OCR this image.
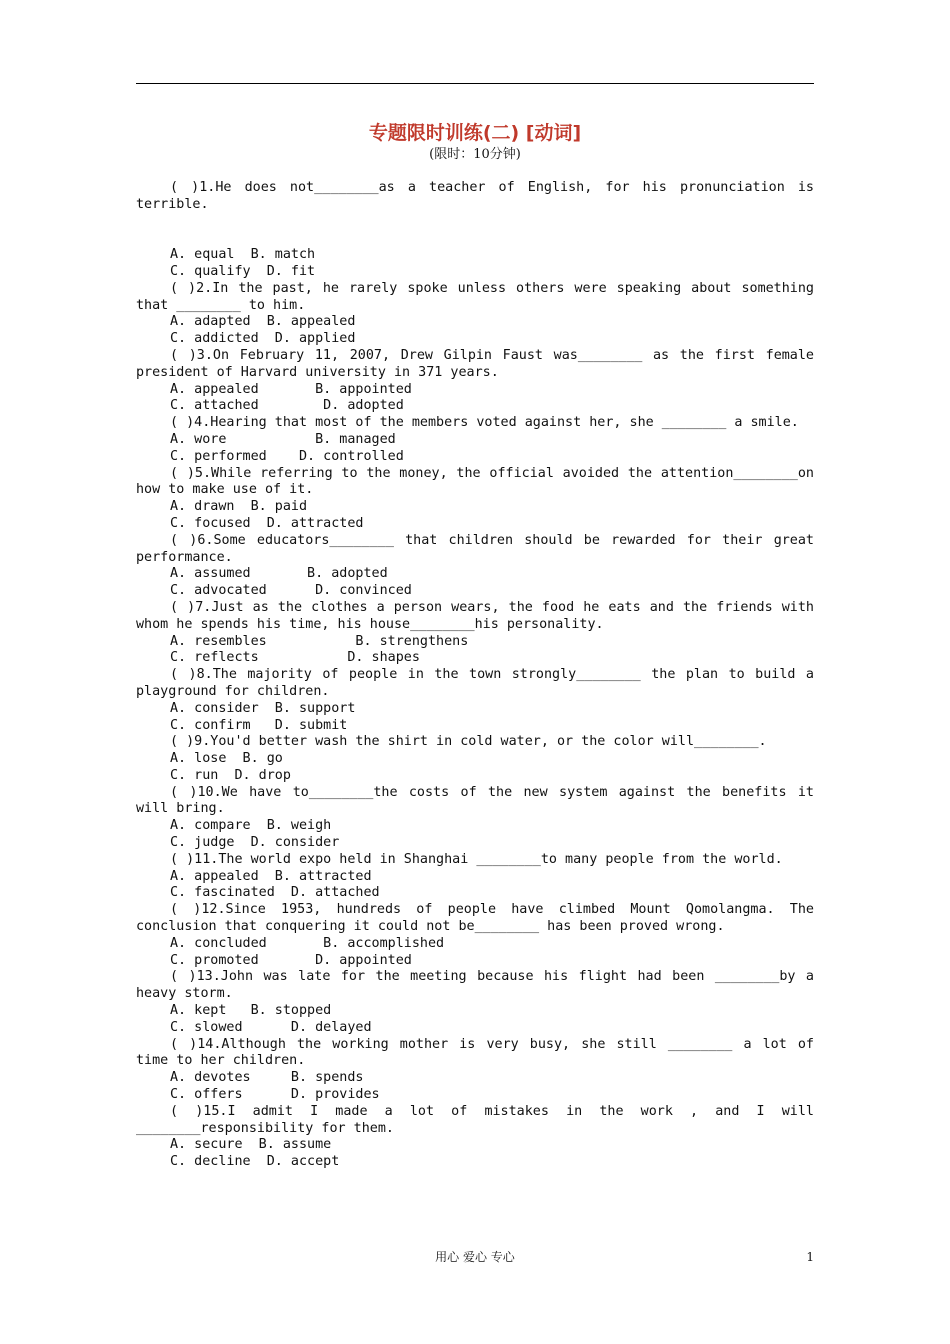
专题限时训练(二) [动词]
(限时：10分钟)

( )1.He does not________as a teacher of English, for his pronunciation is terrible.

A. equal  B. match
C. qualify  D. fit

( )2.In the past, he rarely spoke unless others were speaking about something that ________ to him.

A. adapted  B. appealed
C. addicted  D. applied

( )3.On February 11, 2007, Drew Gilpin Faust was________ as the first female president of Harvard university in 371 years.

A. appealed       B. appointed
C. attached        D. adopted

( )4.Hearing that most of the members voted against her, she ________ a smile.

A. wore           B. managed
C. performed    D. controlled

( )5.While referring to the money, the official avoided the attention________on how to make use of it.

A. drawn  B. paid
C. focused  D. attracted

( )6.Some educators________ that children should be rewarded for their great performance.

A. assumed       B. adopted
C. advocated      D. convinced

( )7.Just as the clothes a person wears, the food he eats and the friends with whom he spends his time, his house________his personality.

A. resembles           B. strengthens
C. reflects           D. shapes

( )8.The majority of people in the town strongly________ the plan to build a playground for children.

A. consider  B. support
C. confirm   D. submit

( )9.You'd better wash the shirt in cold water, or the color will________.

A. lose  B. go
C. run  D. drop

( )10.We have to________the costs of the new system against the benefits it will bring.

A. compare  B. weigh
C. judge  D. consider

( )11.The world expo held in Shanghai ________to many people from the world.

A. appealed  B. attracted
C. fascinated  D. attached

( )12.Since 1953, hundreds of people have climbed Mount Qomolangma. The conclusion that conquering it could not be________ has been proved wrong.

A. concluded       B. accomplished
C. promoted       D. appointed

( )13.John was late for the meeting because his flight had been ________by a heavy storm.

A. kept   B. stopped
C. slowed      D. delayed

( )14.Although the working mother is very busy, she still ________ a lot of time to her children.

A. devotes     B. spends
C. offers      D. provides

( )15.I admit I made a lot of mistakes in the work , and I will ________responsibility for them.

A. secure  B. assume
C. decline  D. accept
用心 爱心 专心	1
